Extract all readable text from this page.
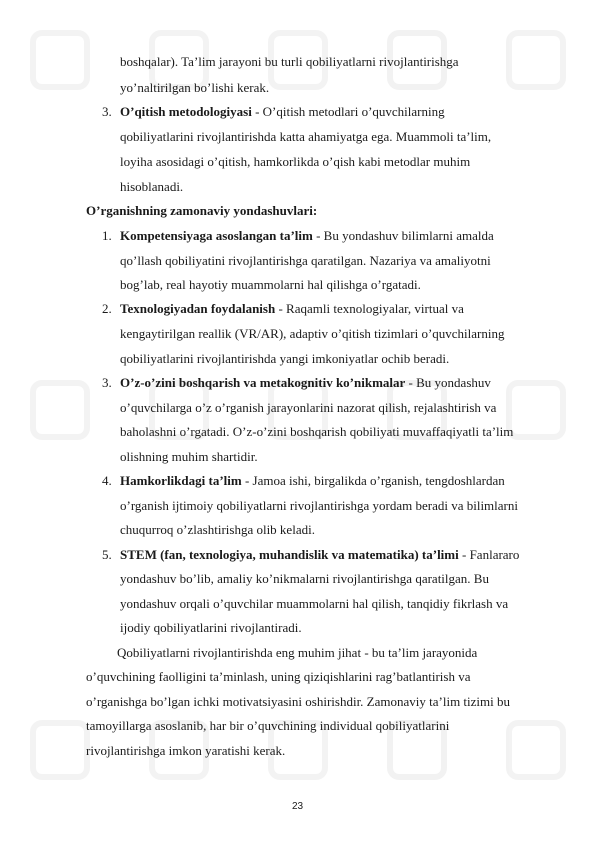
boshqalar). Ta’lim jarayoni bu turli qobiliyatlarni rivojlantirishga
yo’naltirilgan bo’lishi kerak.
3. O’qitish metodologiyasi - O’qitish metodlari o’quvchilarning
qobiliyatlarini rivojlantirishda katta ahamiyatga ega. Muammoli ta’lim,
loyiha asosidagi o’qitish, hamkorlikda o’qish kabi metodlar muhim
hisoblanadi.
O’rganishning zamonaviy yondashuvlari:
1. Kompetensiyaga asoslangan ta’lim - Bu yondashuv bilimlarni amalda
qo’llash qobiliyatini rivojlantirishga qaratilgan. Nazariya va amaliyotni
bog’lab, real hayotiy muammolarni hal qilishga o’rgatadi.
2. Texnologiyadan foydalanish - Raqamli texnologiyalar, virtual va
kengaytirilgan reallik (VR/AR), adaptiv o’qitish tizimlari o’quvchilarning
qobiliyatlarini rivojlantirishda yangi imkoniyatlar ochib beradi.
3. O’z-o’zini boshqarish va metakognitiv ko’nikmalar - Bu yondashuv
o’quvchilarga o’z o’rganish jarayonlarini nazorat qilish, rejalashtirish va
baholashni o’rgatadi. O’z-o’zini boshqarish qobiliyati muvaffaqiyatli ta’lim
olishning muhim shartidir.
4. Hamkorlikdagi ta’lim - Jamoa ishi, birgalikda o’rganish, tengdoshlardan
o’rganish ijtimoiy qobiliyatlarni rivojlantirishga yordam beradi va bilimlarni
chuqurroq o’zlashtirishga olib keladi.
5. STEM (fan, texnologiya, muhandislik va matematika) ta’limi - Fanlararo
yondashuv bo’lib, amaliy ko’nikmalarni rivojlantirishga qaratilgan. Bu
yondashuv orqali o’quvchilar muammolarni hal qilish, tanqidiy fikrlash va
ijodiy qobiliyatlarini rivojlantiradi.
Qobiliyatlarni rivojlantirishda eng muhim jihat - bu ta’lim jarayonida
o’quvchining faolligini ta’minlash, uning qiziqishlarini rag’batlantirish va
o’rganishga bo’lgan ichki motivatsiyasini oshirishdir. Zamonaviy ta’lim tizimi bu
tamoyillarga asoslanib, har bir o’quvchining individual qobiliyatlarini
rivojlantirishga imkon yaratishi kerak.
23
